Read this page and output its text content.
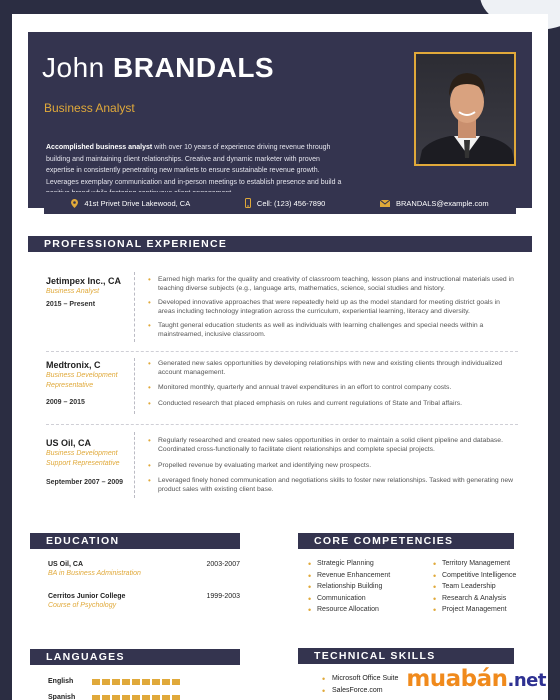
John BRANDALS
Business Analyst
Accomplished business analyst with over 10 years of experience driving revenue through building and maintaining client relationships. Creative and dynamic marketer with proven expertise in consistently penetrating new markets to ensure sustainable revenue growth. Leverages exemplary communication and in-person meetings to establish presence and build a
41st Privet Drive Lakewood, CA	Cell: (123) 456-7890	BRANDALS@example.com
PROFESSIONAL EXPERIENCE
Jetimpex Inc., CA
Business Analyst
2015 – Present
• Earned high marks for the quality and creativity of classroom teaching, lesson plans and instructional materials used in teaching diverse subjects (e.g., language arts, mathematics, science, social studies and history.
• Developed innovative approaches that were repeatedly held up as the model standard for meeting district goals in areas including technology integration across the curriculum, experiential learning, literacy and diversity.
• Taught general education students as well as individuals with learning challenges and special needs within a mainstreamed, inclusive classroom.
Medtronix, C
Business Development Representative
2009 – 2015
• Generated new sales opportunities by developing relationships with new and existing clients through individualized account management.
• Monitored monthly, quarterly and annual travel expenditures in an effort to control company costs.
• Conducted research that placed emphasis on rules and current regulations of State and Tribal affairs.
US Oil, CA
Business Development Support Representative
September 2007 – 2009
• Regularly researched and created new sales opportunities in order to maintain a solid client pipeline and database. Coordinated cross-functionally to facilitate client relationships and complete special projects.
• Propelled revenue by evaluating market and identifying new prospects.
• Leveraged finely honed communication and negotiations skills to foster new relationships. Tasked with generating new product sales with existing client base.
EDUCATION
US Oil, CA
BA in Business Administration
2003-2007
Cerritos Junior College
Course of Psychology
1999-2003
CORE COMPETENCIES
• Strategic Planning
• Revenue Enhancement
• Relationship Building
• Communication
• Resource Allocation
• Territory Management
• Competitive Intelligence
• Team Leadership
• Research & Analysis
• Project Management
LANGUAGES
English
Spanish
TECHNICAL SKILLS
• Microsoft Office Suite
• SalesForce.com muabán.net
